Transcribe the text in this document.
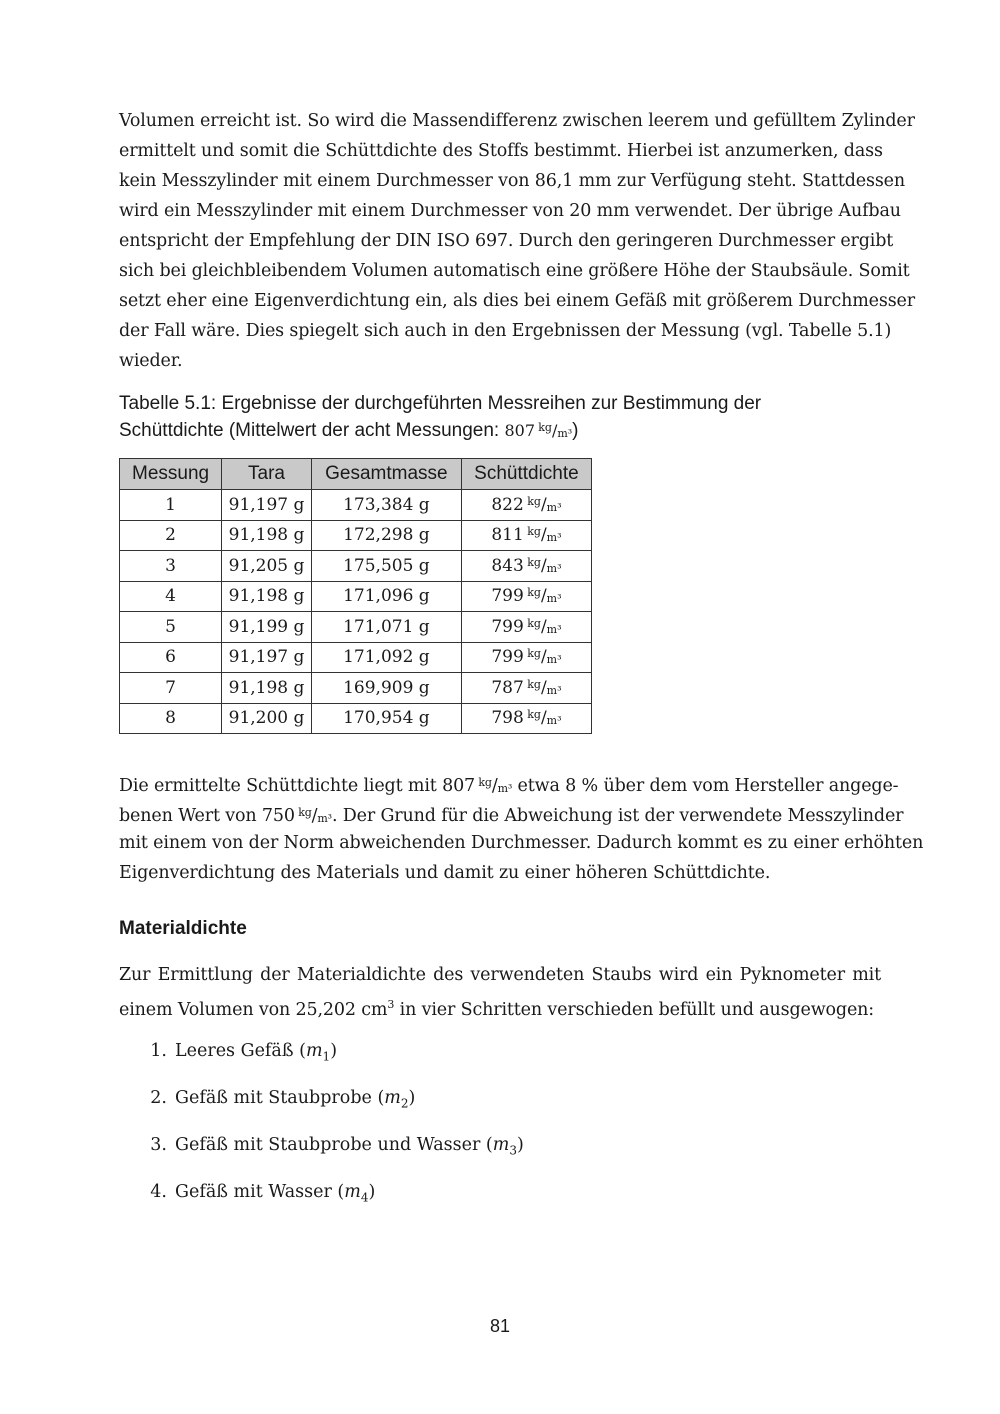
Volumen erreicht ist. So wird die Massendifferenz zwischen leerem und gefülltem Zylinder
ermittelt und somit die Schüttdichte des Stoffs bestimmt. Hierbei ist anzumerken, dass
kein Messzylinder mit einem Durchmesser von 86,1 mm zur Verfügung steht. Stattdessen
wird ein Messzylinder mit einem Durchmesser von 20 mm verwendet. Der übrige Aufbau
entspricht der Empfehlung der DIN ISO 697. Durch den geringeren Durchmesser ergibt
sich bei gleichbleibendem Volumen automatisch eine größere Höhe der Staubsäule. Somit
setzt eher eine Eigenverdichtung ein, als dies bei einem Gefäß mit größerem Durchmesser
der Fall wäre. Dies spiegelt sich auch in den Ergebnissen der Messung (vgl. Tabelle 5.1)
wieder.
Tabelle 5.1: Ergebnisse der durchgeführten Messreihen zur Bestimmung der
Schüttdichte (Mittelwert der acht Messungen: 807  $^{kg}/_{m^3}$)
Messung	Tara	Gesamtmasse	Schüttdichte
1	91,197 g	173,384 g	822  $^{kg}/_{m^3}$
2	91,198 g	172,298 g	811  $^{kg}/_{m^3}$
3	91,205 g	175,505 g	843  $^{kg}/_{m^3}$
4	91,198 g	171,096 g	799  $^{kg}/_{m^3}$
5	91,199 g	171,071 g	799  $^{kg}/_{m^3}$
6	91,197 g	171,092 g	799  $^{kg}/_{m^3}$
7	91,198 g	169,909 g	787  $^{kg}/_{m^3}$
8	91,200 g	170,954 g	798  $^{kg}/_{m^3}$
Die ermittelte Schüttdichte liegt mit 807  $^{kg}/_{m^3}$ etwa 8 % über dem vom Hersteller angege-
benen Wert von 750  $^{kg}/_{m^3}$. Der Grund für die Abweichung ist der verwendete Messzylinder
mit einem von der Norm abweichenden Durchmesser. Dadurch kommt es zu einer erhöhten
Eigenverdichtung des Materials und damit zu einer höheren Schüttdichte.
Materialdichte
Zur Ermittlung der Materialdichte des verwendeten Staubs wird ein Pyknometer mit
einem Volumen von 25,202 $cm^3$ in vier Schritten verschieden befüllt und ausgewogen:
1. Leeres Gefäß $(m_1)$
2. Gefäß mit Staubprobe $(m_2)$
3. Gefäß mit Staubprobe und Wasser $(m_3)$
4. Gefäß mit Wasser $(m_4)$
81
